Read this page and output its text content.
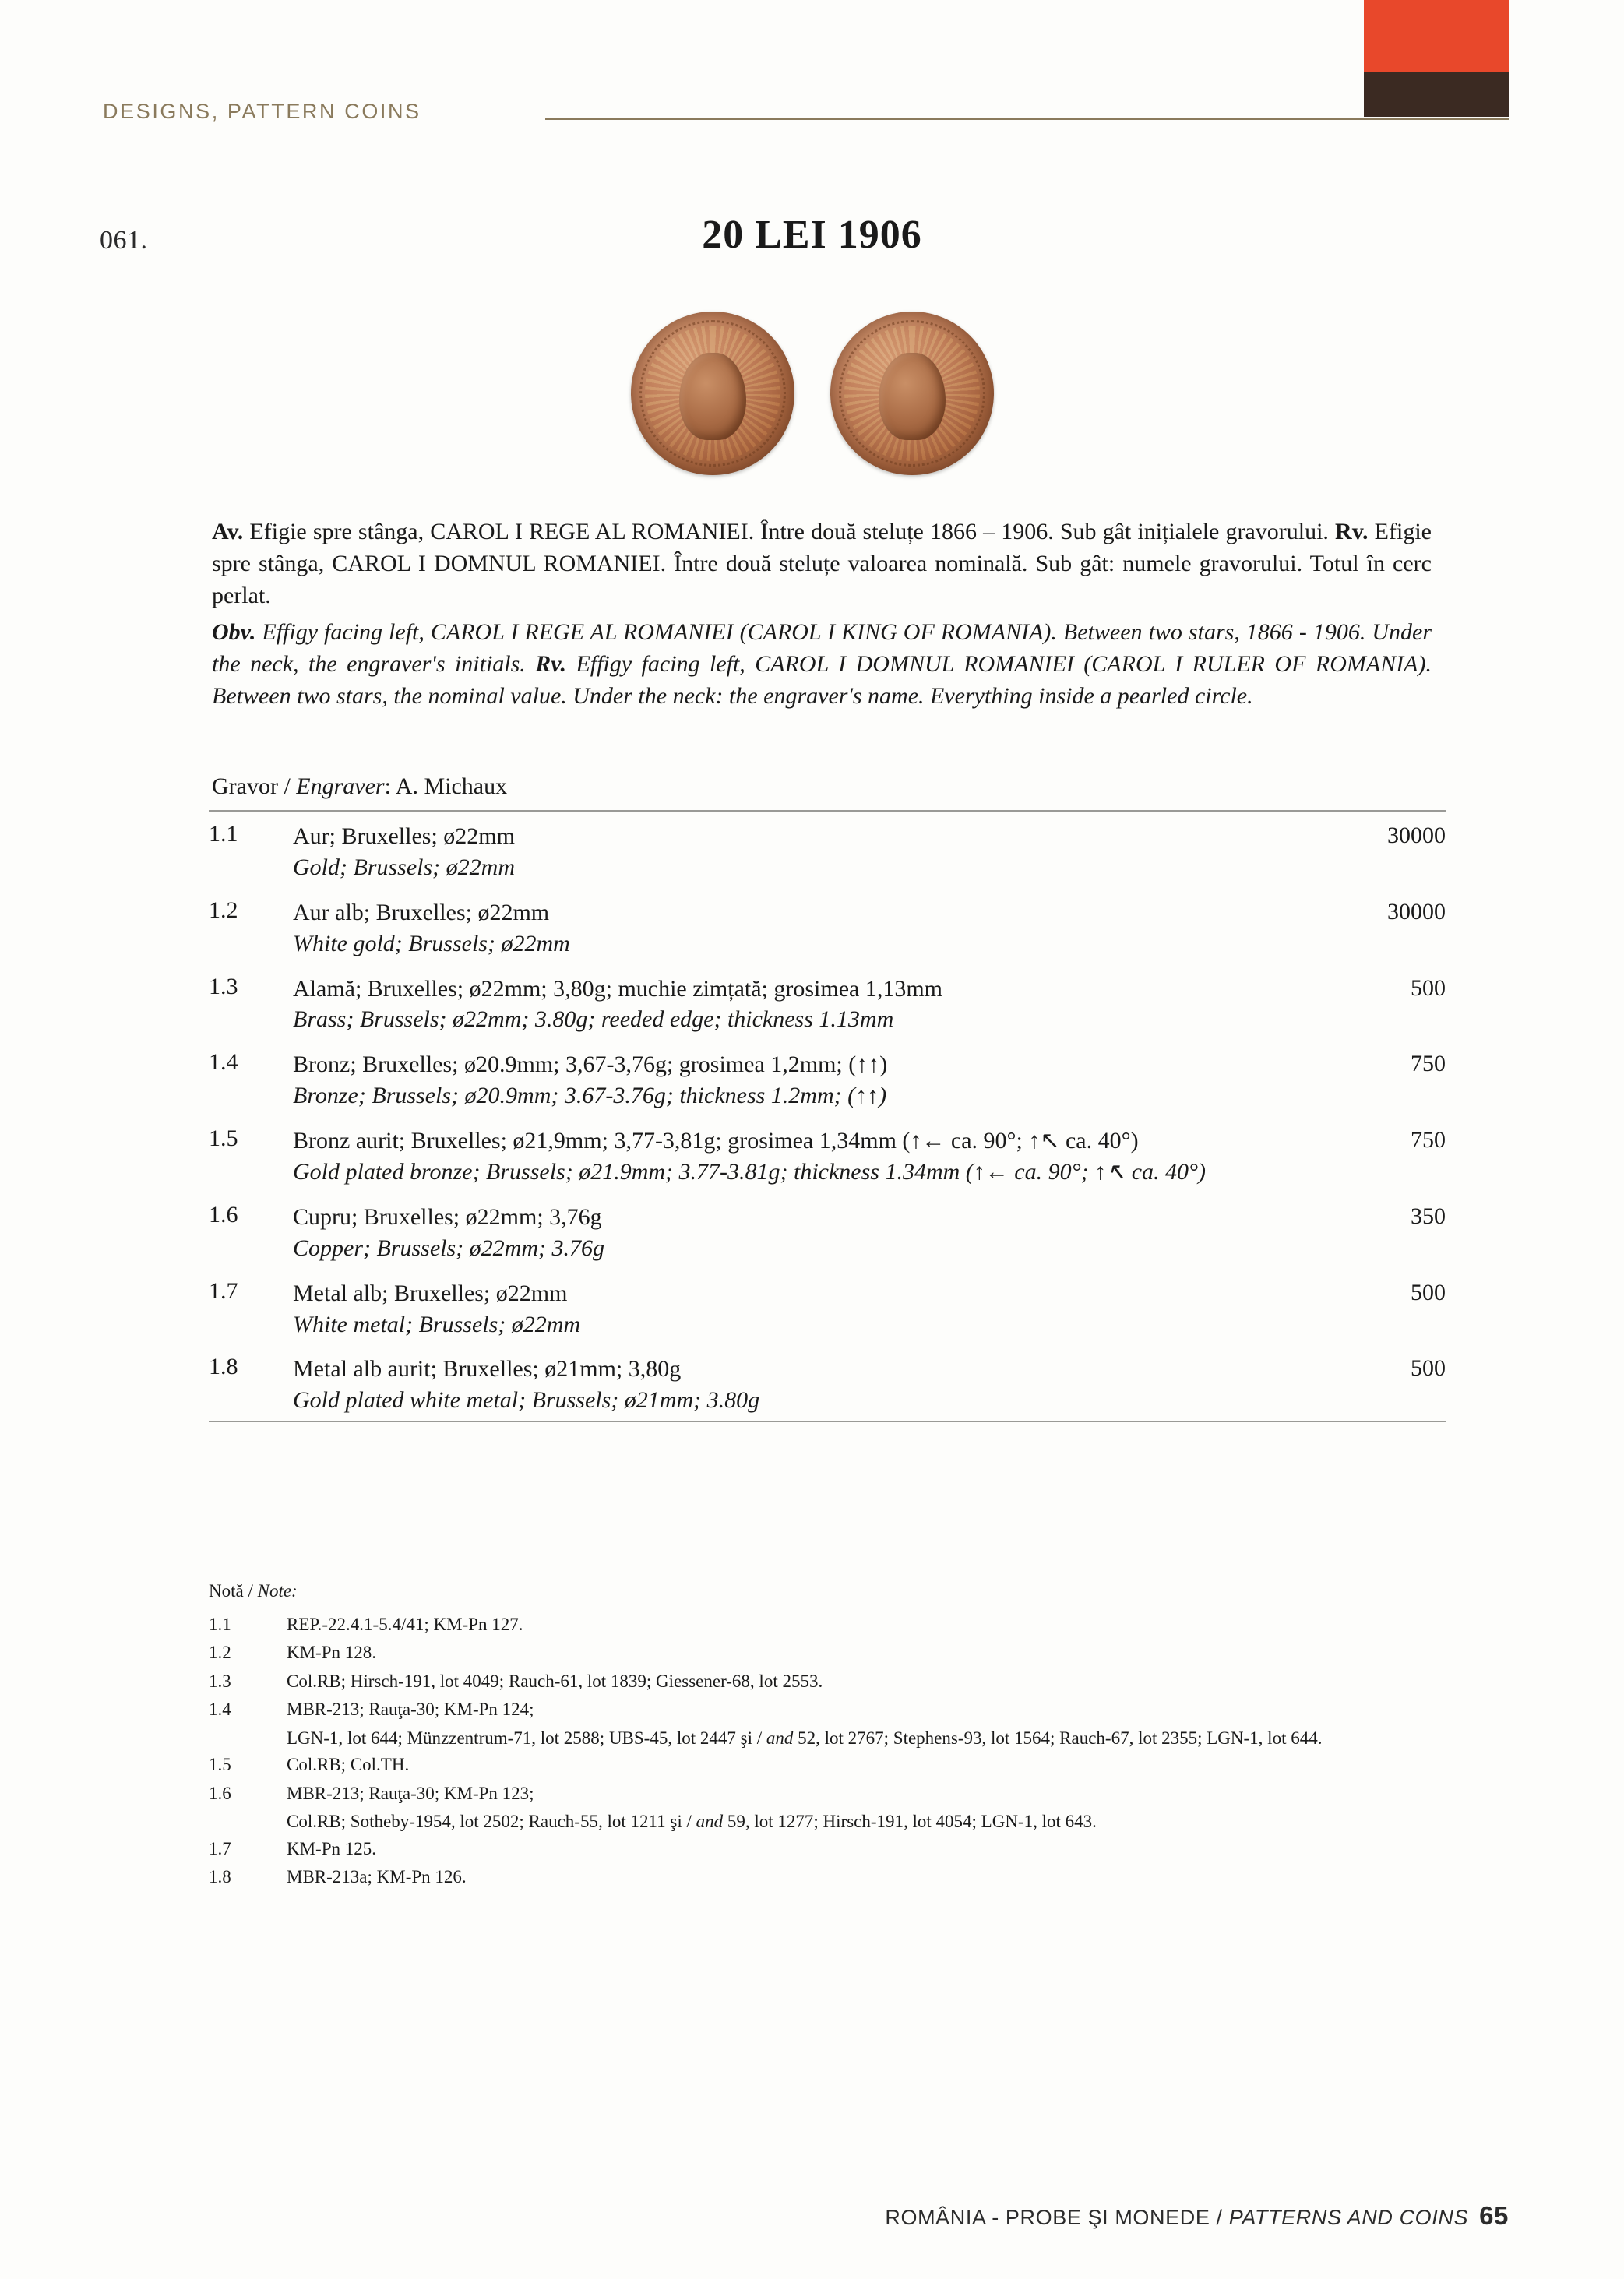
DESIGNS, PATTERN COINS
061.	20 LEI 1906
Av. Efigie spre stânga, CAROL I REGE AL ROMANIEI. Între două steluțe 1866 – 1906. Sub gât inițialele gravorului. Rv. Efigie spre stânga, CAROL I DOMNUL ROMANIEI. Între două steluțe valoarea nominală. Sub gât: numele gravorului. Totul în cerc perlat.
Obv. Effigy facing left, CAROL I REGE AL ROMANIEI (CAROL I KING OF ROMANIA). Between two stars, 1866 - 1906. Under the neck, the engraver's initials. Rv. Effigy facing left, CAROL I DOMNUL ROMANIEI (CAROL I RULER OF ROMANIA). Between two stars, the nominal value. Under the neck: the engraver's name. Everything inside a pearled circle.
Gravor / Engraver: A. Michaux
1.1	Aur; Bruxelles; ø22mm
Gold; Brussels; ø22mm
30000
1.2	Aur alb; Bruxelles; ø22mm
White gold; Brussels; ø22mm
30000
1.3	Alamă; Bruxelles; ø22mm; 3,80g; muchie zimțată; grosimea 1,13mm
Brass; Brussels; ø22mm; 3.80g; reeded edge; thickness 1.13mm
500
1.4	Bronz; Bruxelles; ø20.9mm; 3,67-3,76g; grosimea 1,2mm; (↑↑)
Bronze; Brussels; ø20.9mm; 3.67-3.76g; thickness 1.2mm; (↑↑)
750
1.5	Bronz aurit; Bruxelles; ø21,9mm; 3,77-3,81g; grosimea 1,34mm (↑← ca. 90°; ↑↖ ca. 40°)
Gold plated bronze; Brussels; ø21.9mm; 3.77-3.81g; thickness 1.34mm (↑← ca. 90°; ↑↖ ca. 40°)
750
1.6	Cupru; Bruxelles; ø22mm; 3,76g
Copper; Brussels; ø22mm; 3.76g
350
1.7	Metal alb; Bruxelles; ø22mm
White metal; Brussels; ø22mm
500
1.8	Metal alb aurit; Bruxelles; ø21mm; 3,80g
Gold plated white metal; Brussels; ø21mm; 3.80g
500
Notă / Note:
1.1	REP.-22.4.1-5.4/41; KM-Pn 127.
1.2	KM-Pn 128.
1.3	Col.RB; Hirsch-191, lot 4049; Rauch-61, lot 1839; Giessener-68, lot 2553.
1.4	MBR-213; Rauţa-30; KM-Pn 124;
LGN-1, lot 644; Münzzentrum-71, lot 2588; UBS-45, lot 2447 şi / and 52, lot 2767; Stephens-93, lot 1564; Rauch-67, lot 2355; LGN-1, lot 644.
1.5	Col.RB; Col.TH.
1.6	MBR-213; Rauţa-30; KM-Pn 123;
Col.RB; Sotheby-1954, lot 2502; Rauch-55, lot 1211 şi / and 59, lot 1277; Hirsch-191, lot 4054; LGN-1, lot 643.
1.7	KM-Pn 125.
1.8	MBR-213a; KM-Pn 126.
ROMÂNIA - PROBE ŞI MONEDE / PATTERNS AND COINS 65
